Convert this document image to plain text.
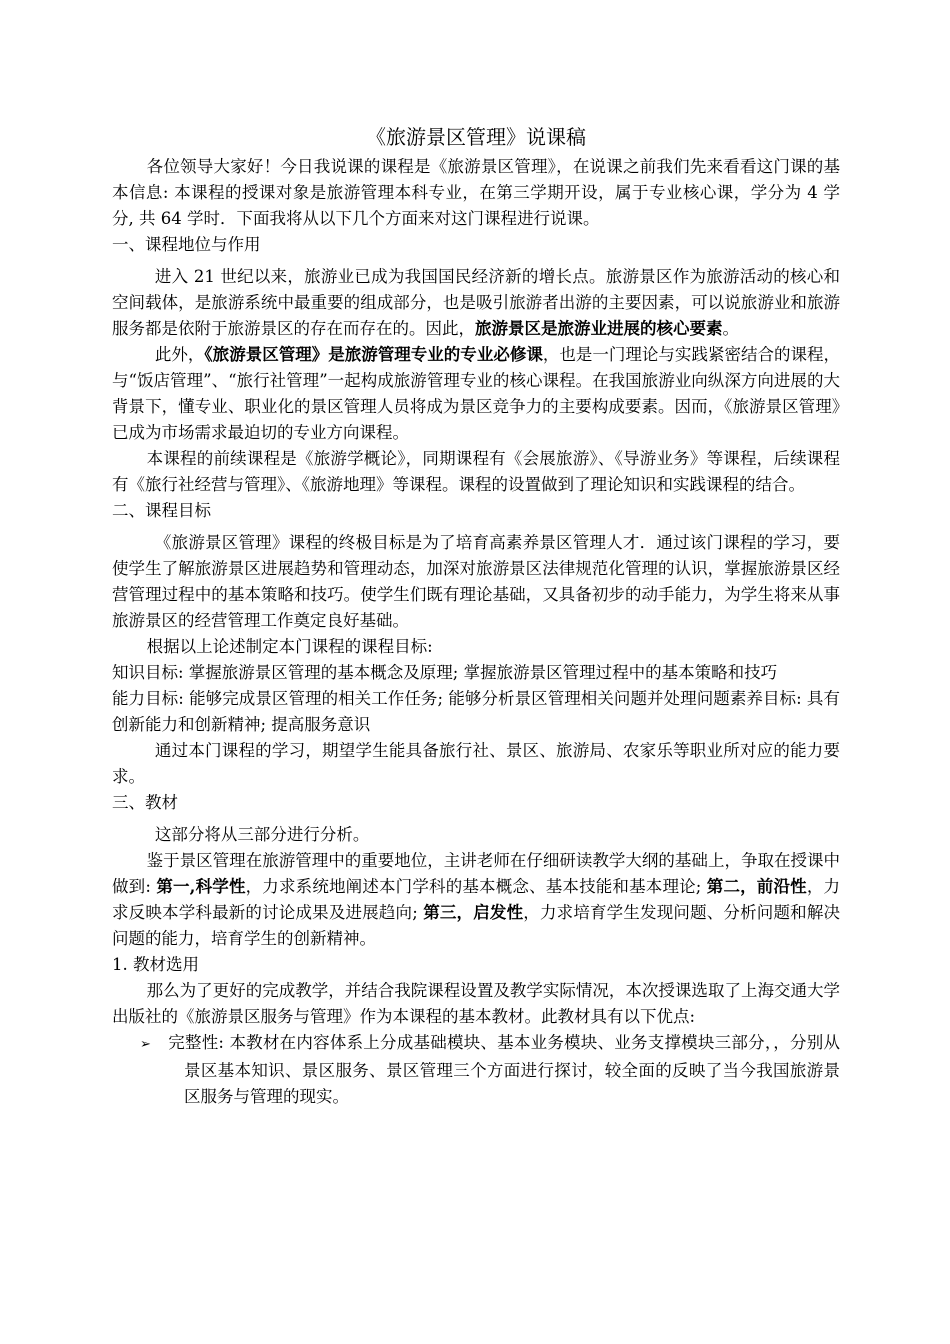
《旅游景区管理》说课稿

各位领导大家好！今日我说课的课程是《旅游景区管理》，在说课之前我们先来看看这门课的基本信息: 本课程的授课对象是旅游管理本科专业，在第三学期开设，属于专业核心课，学分为 4 学分, 共 64 学时．下面我将从以下几个方面来对这门课程进行说课。

一、课程地位与作用

进入 21 世纪以来，旅游业已成为我国国民经济新的增长点。旅游景区作为旅游活动的核心和空间载体，是旅游系统中最重要的组成部分，也是吸引旅游者出游的主要因素，可以说旅游业和旅游服务都是依附于旅游景区的存在而存在的。因此，旅游景区是旅游业进展的核心要素。

此外，《旅游景区管理》是旅游管理专业的专业必修课，也是一门理论与实践紧密结合的课程，与“饭店管理”、“旅行社管理”一起构成旅游管理专业的核心课程。在我国旅游业向纵深方向进展的大背景下，懂专业、职业化的景区管理人员将成为景区竞争力的主要构成要素。因而，《旅游景区管理》已成为市场需求最迫切的专业方向课程。

本课程的前续课程是《旅游学概论》，同期课程有《会展旅游》、《导游业务》等课程，后续课程有《旅行社经营与管理》、《旅游地理》等课程。课程的设置做到了理论知识和实践课程的结合。

二、课程目标

《旅游景区管理》课程的终极目标是为了培育高素养景区管理人才．通过该门课程的学习，要使学生了解旅游景区进展趋势和管理动态，加深对旅游景区法律规范化管理的认识，掌握旅游景区经营管理过程中的基本策略和技巧。使学生们既有理论基础，又具备初步的动手能力，为学生将来从事旅游景区的经营管理工作奠定良好基础。

根据以上论述制定本门课程的课程目标:

知识目标: 掌握旅游景区管理的基本概念及原理; 掌握旅游景区管理过程中的基本策略和技巧

能力目标: 能够完成景区管理的相关工作任务; 能够分析景区管理相关问题并处理问题素养目标: 具有创新能力和创新精神; 提高服务意识

通过本门课程的学习，期望学生能具备旅行社、景区、旅游局、农家乐等职业所对应的能力要求。

三、教材

这部分将从三部分进行分析。

鉴于景区管理在旅游管理中的重要地位，主讲老师在仔细研读教学大纲的基础上，争取在授课中做到: 第一,科学性，力求系统地阐述本门学科的基本概念、基本技能和基本理论; 第二，前沿性，力求反映本学科最新的讨论成果及进展趋向; 第三，启发性，力求培育学生发现问题、分析问题和解决问题的能力，培育学生的创新精神。

1. 教材选用

那么为了更好的完成教学，并结合我院课程设置及教学实际情况，本次授课选取了上海交通大学出版社的《旅游景区服务与管理》作为本课程的基本教材。此教材具有以下优点:

➢ 完整性: 本教材在内容体系上分成基础模块、基本业务模块、业务支撑模块三部分，，分别从景区基本知识、景区服务、景区管理三个方面进行探讨，较全面的反映了当今我国旅游景区服务与管理的现实。
